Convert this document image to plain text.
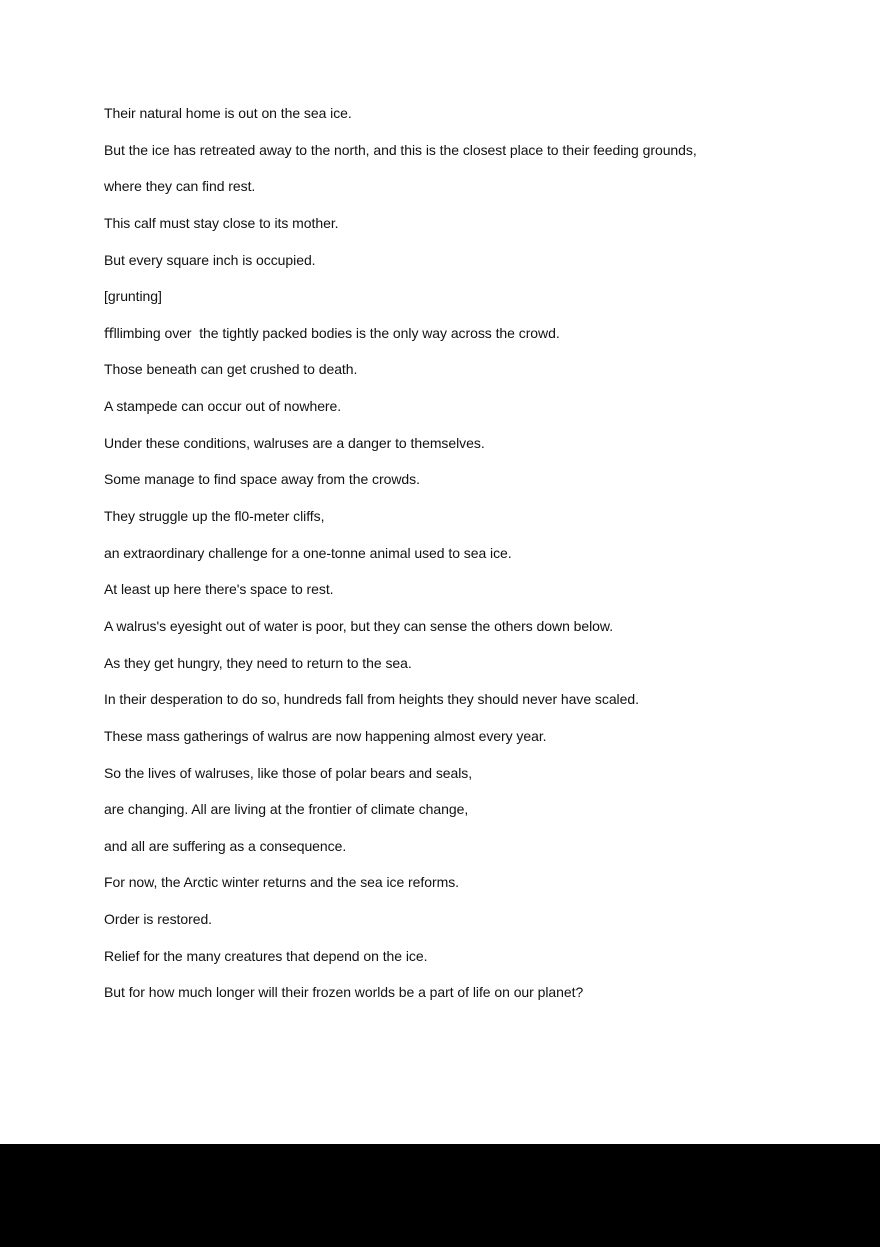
Their natural home is out on the sea ice.
But the ice has retreated away to the north, and this is the closest place to their feeding grounds,
where they can find rest.
This calf must stay close to its mother.
But every square inch is occupied.
[grunting]
ﬀllimbing over  the tightly packed bodies is the only way across the crowd.
Those beneath can get crushed to death.
A stampede can occur out of nowhere.
Under these conditions, walruses are a danger to themselves.
Some manage to find space away from the crowds.
They struggle up the ﬂ0-meter cliffs,
an extraordinary challenge for a one-tonne animal used to sea ice.
At least up here there's space to rest.
A walrus's eyesight out of water is poor, but they can sense the others down below.
As they get hungry, they need to return to the sea.
In their desperation to do so, hundreds fall from heights they should never have scaled.
These mass gatherings of walrus are now happening almost every year.
So the lives of walruses, like those of polar bears and seals,
are changing. All are living at the frontier of climate change,
and all are suffering as a consequence.
For now, the Arctic winter returns and the sea ice reforms.
Order is restored.
Relief for the many creatures that depend on the ice.
But for how much longer will their frozen worlds be a part of life on our planet?
